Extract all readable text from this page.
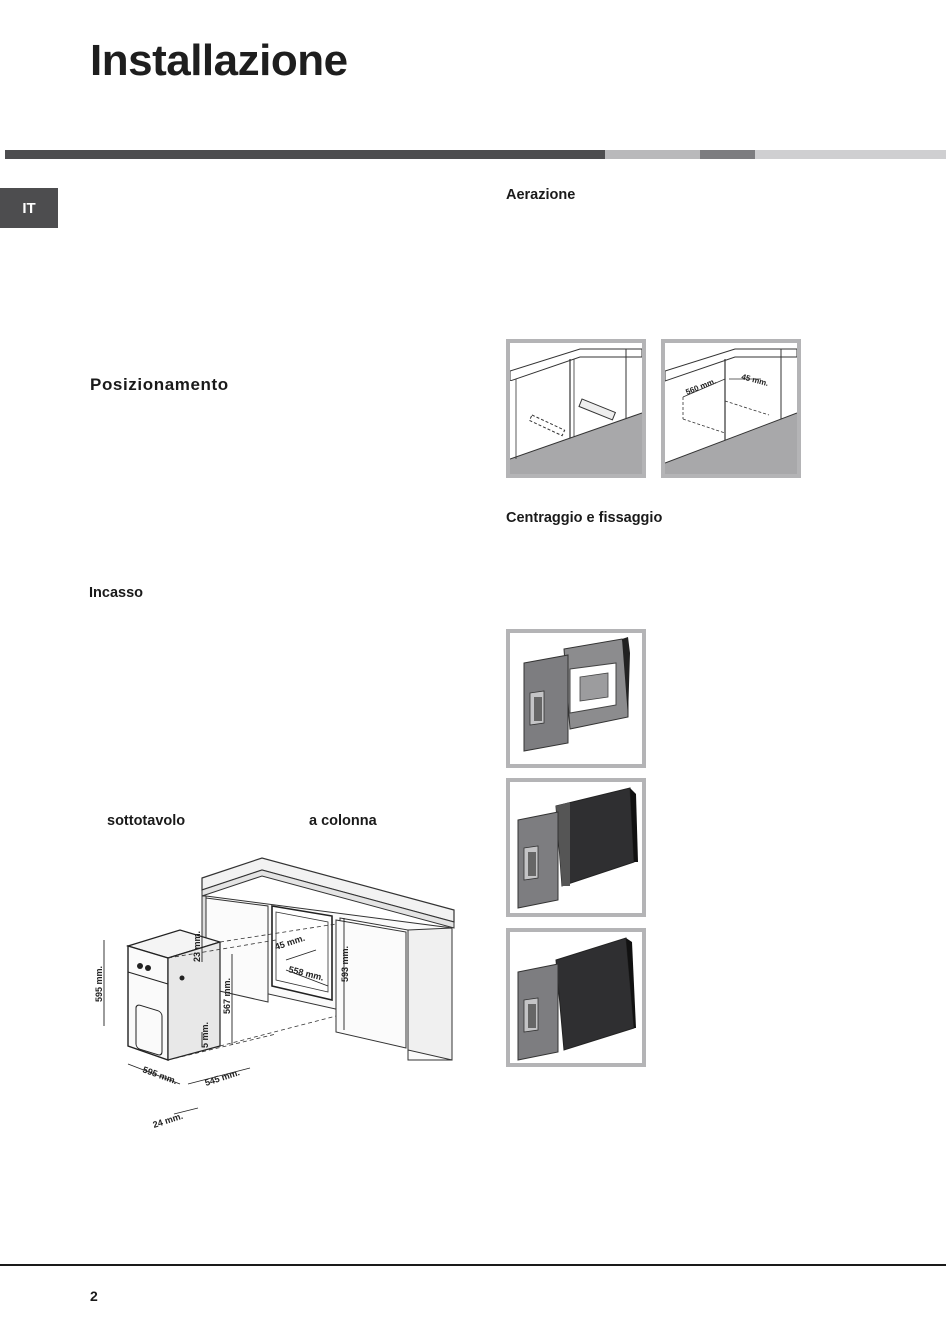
Installazione
IT
Posizionamento
Incasso
sottotavolo	a colonna
Aerazione
Centraggio e fissaggio
595 mm.
595 mm.	545 mm.
24 mm.
23 mm.
567 mm.
5 mm.
45 mm.
558 mm. 593 mm.
560 mm.	45 mm.
2
